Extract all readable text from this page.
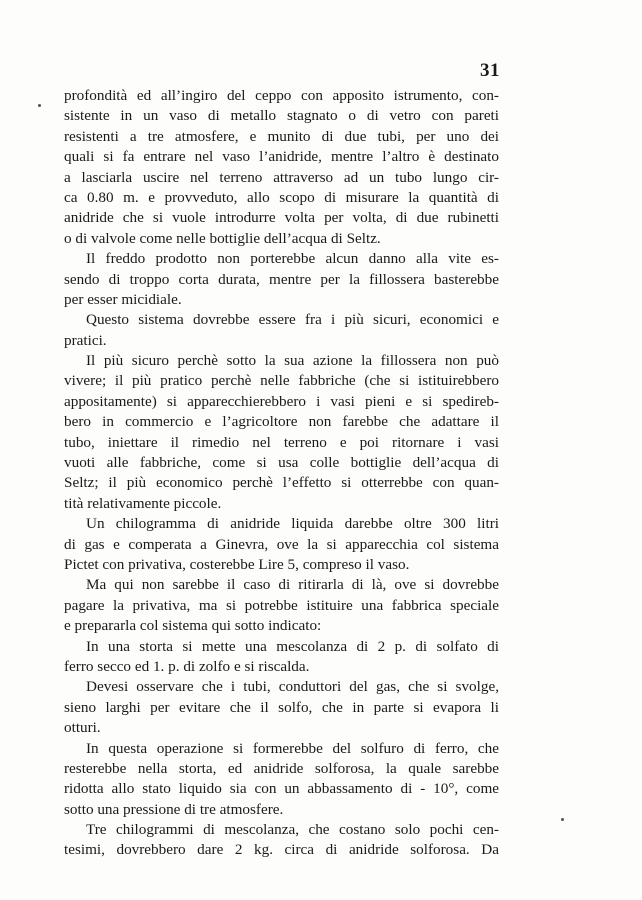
31
profondità ed all’ingiro del ceppo con apposito istrumento, con-
sistente in un vaso di metallo stagnato o di vetro con pareti
resistenti a tre atmosfere, e munito di due tubi, per uno dei
quali si fa entrare nel vaso l’anidride, mentre l’altro è destinato
a lasciarla uscire nel terreno attraverso ad un tubo lungo cir-
ca 0.80 m. e provveduto, allo scopo di misurare la quantità di
anidride che si vuole introdurre volta per volta, di due rubinetti
o di valvole come nelle bottiglie dell’acqua di Seltz.
Il freddo prodotto non porterebbe alcun danno alla vite es-
sendo di troppo corta durata, mentre per la fillossera basterebbe
per esser micidiale.
Questo sistema dovrebbe essere fra i più sicuri, economici e
pratici.
Il più sicuro perchè sotto la sua azione la fillossera non può
vivere; il più pratico perchè nelle fabbriche (che si istituirebbero
appositamente) si apparecchierebbero i vasi pieni e si spedireb-
bero in commercio e l’agricoltore non farebbe che adattare il
tubo, iniettare il rimedio nel terreno e poi ritornare i vasi
vuoti alle fabbriche, come si usa colle bottiglie dell’acqua di
Seltz; il più economico perchè l’effetto si otterrebbe con quan-
tità relativamente piccole.
Un chilogramma di anidride liquida darebbe oltre 300 litri
di gas e comperata a Ginevra, ove la si apparecchia col sistema
Pictet con privativa, costerebbe Lire 5, compreso il vaso.
Ma qui non sarebbe il caso di ritirarla di là, ove si dovrebbe
pagare la privativa, ma si potrebbe istituire una fabbrica speciale
e prepararla col sistema qui sotto indicato:
In una storta si mette una mescolanza di 2 p. di solfato di
ferro secco ed 1. p. di zolfo e si riscalda.
Devesi osservare che i tubi, conduttori del gas, che si svolge,
sieno larghi per evitare che il solfo, che in parte si evapora li
otturi.
In questa operazione si formerebbe del solfuro di ferro, che
resterebbe nella storta, ed anidride solforosa, la quale sarebbe
ridotta allo stato liquido sia con un abbassamento di - 10°, come
sotto una pressione di tre atmosfere.
Tre chilogrammi di mescolanza, che costano solo pochi cen-
tesimi, dovrebbero dare 2 kg. circa di anidride solforosa. Da
